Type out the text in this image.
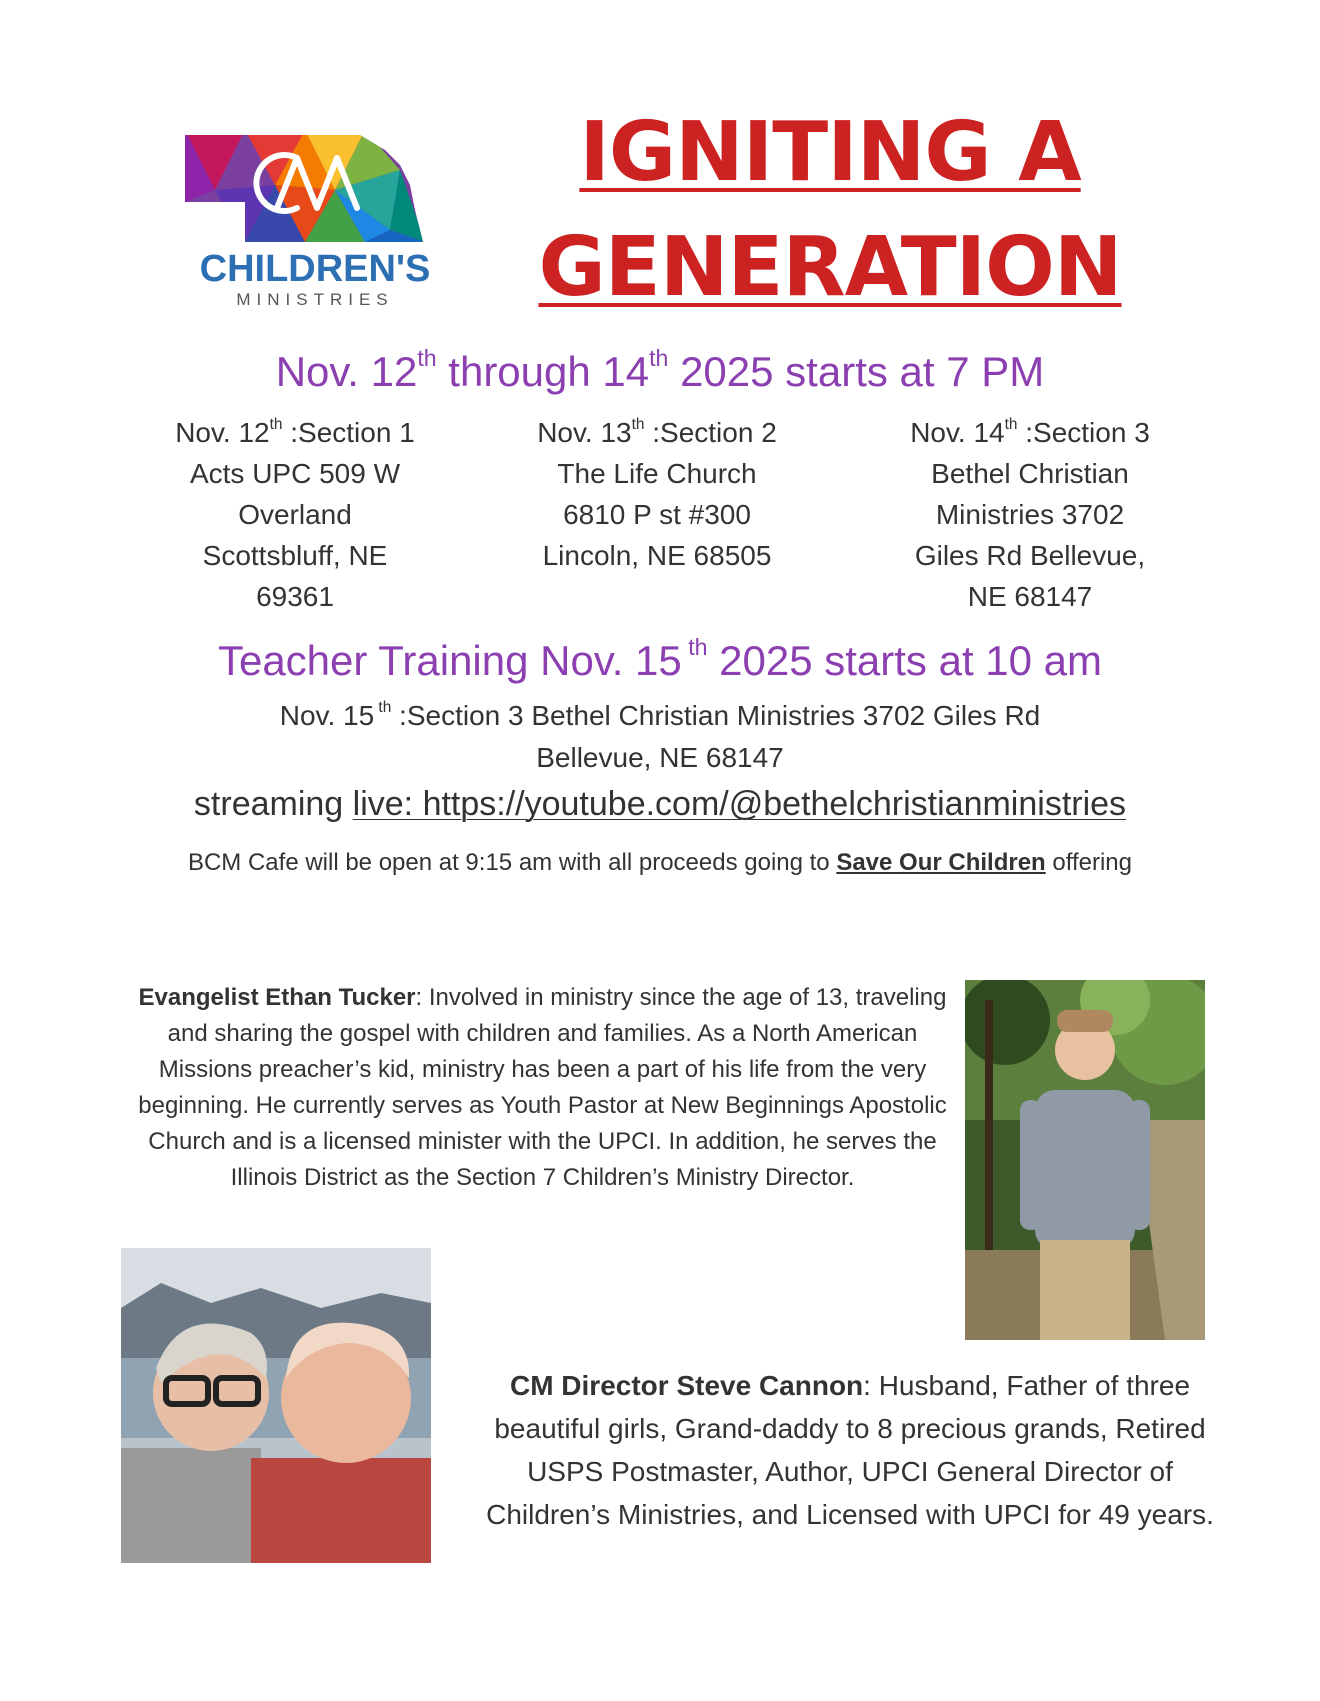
CHILDREN'S
MINISTRIES
IGNITING A
GENERATION
Nov. 12th through 14th 2025 starts at 7 PM
Nov. 12th :Section 1
Acts UPC 509 W
Overland
Scottsbluff, NE
69361
Nov. 13th :Section 2
The Life Church
6810 P st #300
Lincoln, NE 68505
Nov. 14th :Section 3
Bethel Christian
Ministries 3702
Giles Rd Bellevue,
NE 68147
Teacher Training Nov. 15 $^{th}$ 2025 starts at 10 am
Nov. 15 $^{th}$ :Section 3 Bethel Christian Ministries 3702 Giles Rd
Bellevue, NE 68147
streaming live: https://youtube.com/@bethelchristianministries
BCM Cafe will be open at 9:15 am with all proceeds going to Save Our Children offering
Evangelist Ethan Tucker: Involved in ministry since the age of 13, traveling and sharing the gospel with children and families. As a North American Missions preacher’s kid, ministry has been a part of his life from the very beginning. He currently serves as Youth Pastor at New Beginnings Apostolic Church and is a licensed minister with the UPCI. In addition, he serves the Illinois District as the Section 7 Children’s Ministry Director.
CM Director Steve Cannon: Husband, Father of three beautiful girls, Grand-daddy to 8 precious grands, Retired USPS Postmaster, Author, UPCI General Director of Children’s Ministries, and Licensed with UPCI for 49 years.
